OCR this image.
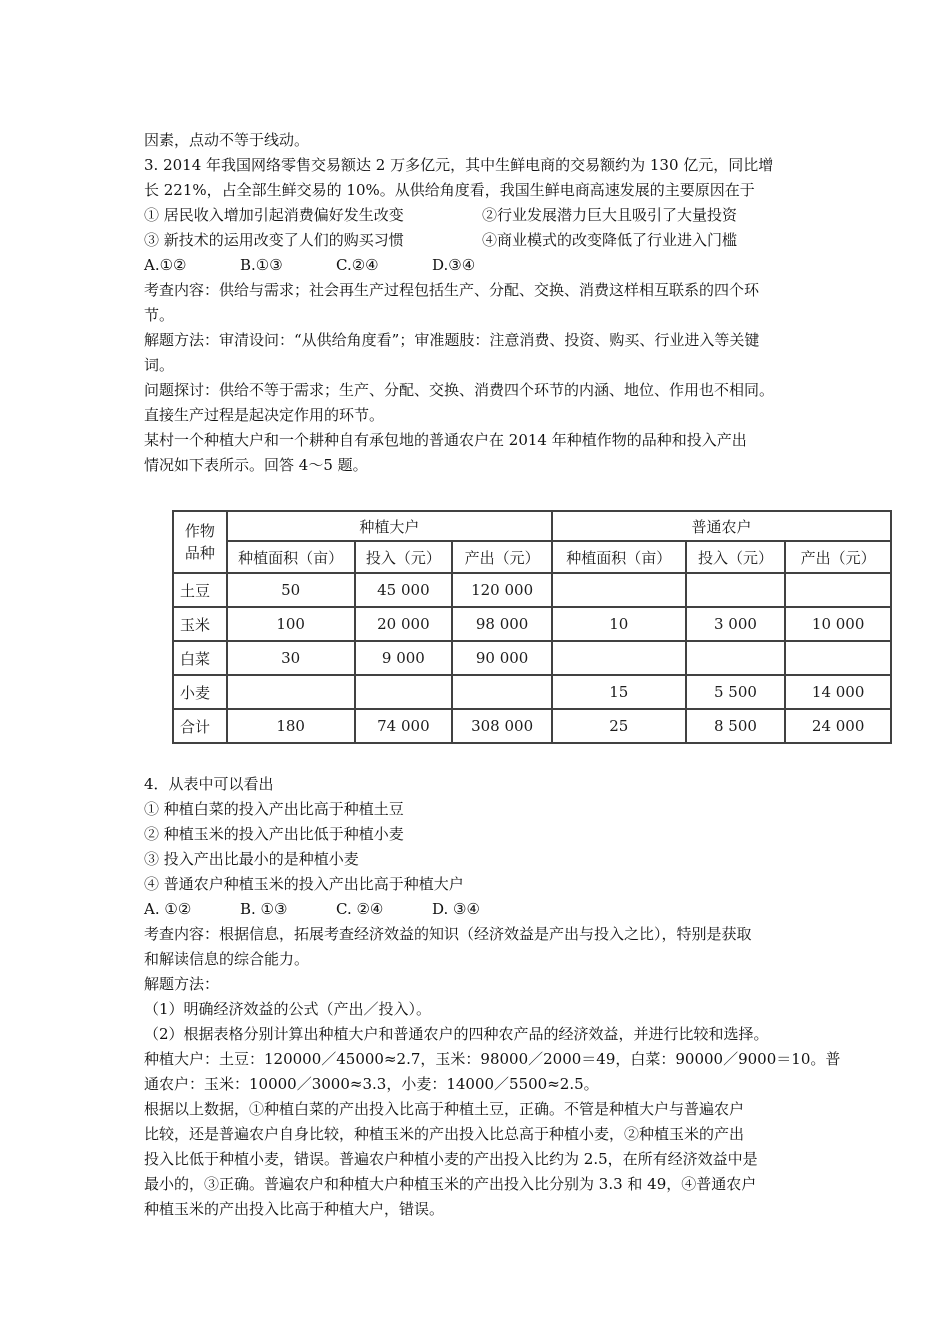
因素，点动不等于线动。

3. 2014 年我国网络零售交易额达 2 万多亿元，其中生鲜电商的交易额约为 130 亿元，同比增

长 221%，占全部生鲜交易的 10%。从供给角度看，我国生鲜电商高速发展的主要原因在于

① 居民收入增加引起消费偏好发生改变	②行业发展潜力巨大且吸引了大量投资

③ 新技术的运用改变了人们的购买习惯	④商业模式的改变降低了行业进入门槛

A.①②	B.①③	C.②④	D.③④

考查内容：供给与需求；社会再生产过程包括生产、分配、交换、消费这样相互联系的四个环

节。

解题方法：审清设问：“从供给角度看”；审准题肢：注意消费、投资、购买、行业进入等关键

词。

问题探讨：供给不等于需求；生产、分配、交换、消费四个环节的内涵、地位、作用也不相同。

直接生产过程是起决定作用的环节。

某村一个种植大户和一个耕种自有承包地的普通农户在 2014 年种植作物的品种和投入产出

情况如下表所示。回答 4～5 题。

作物
品种	种植大户			普通农户		
	种植面积（亩）	投入（元）	产出（元）	种植面积（亩）	投入（元）	产出（元）
土豆	50	45 000	120 000			
玉米	100	20 000	98 000	10	3 000	10 000
白菜	30	9 000	90 000			
小麦				15	5 500	14 000
合计	180	74 000	308 000	25	8 500	24 000

4．从表中可以看出

① 种植白菜的投入产出比高于种植土豆

② 种植玉米的投入产出比低于种植小麦

③ 投入产出比最小的是种植小麦

④ 普通农户种植玉米的投入产出比高于种植大户

A. ①②	B. ①③	C. ②④	D. ③④

考查内容：根据信息，拓展考查经济效益的知识（经济效益是产出与投入之比），特别是获取

和解读信息的综合能力。

解题方法：

（1）明确经济效益的公式（产出／投入）。

（2）根据表格分别计算出种植大户和普通农户的四种农产品的经济效益，并进行比较和选择。

种植大户：土豆：120000／45000≈2.7，玉米：98000／2000＝49，白菜：90000／9000＝10。普

通农户：玉米：10000／3000≈3.3，小麦：14000／5500≈2.5。

根据以上数据，①种植白菜的产出投入比高于种植土豆，正确。不管是种植大户与普遍农户

比较，还是普遍农户自身比较，种植玉米的产出投入比总高于种植小麦，②种植玉米的产出

投入比低于种植小麦，错误。普遍农户种植小麦的产出投入比约为 2.5，在所有经济效益中是

最小的，③正确。普遍农户和种植大户种植玉米的产出投入比分别为 3.3 和 49，④普通农户

种植玉米的产出投入比高于种植大户，错误。
